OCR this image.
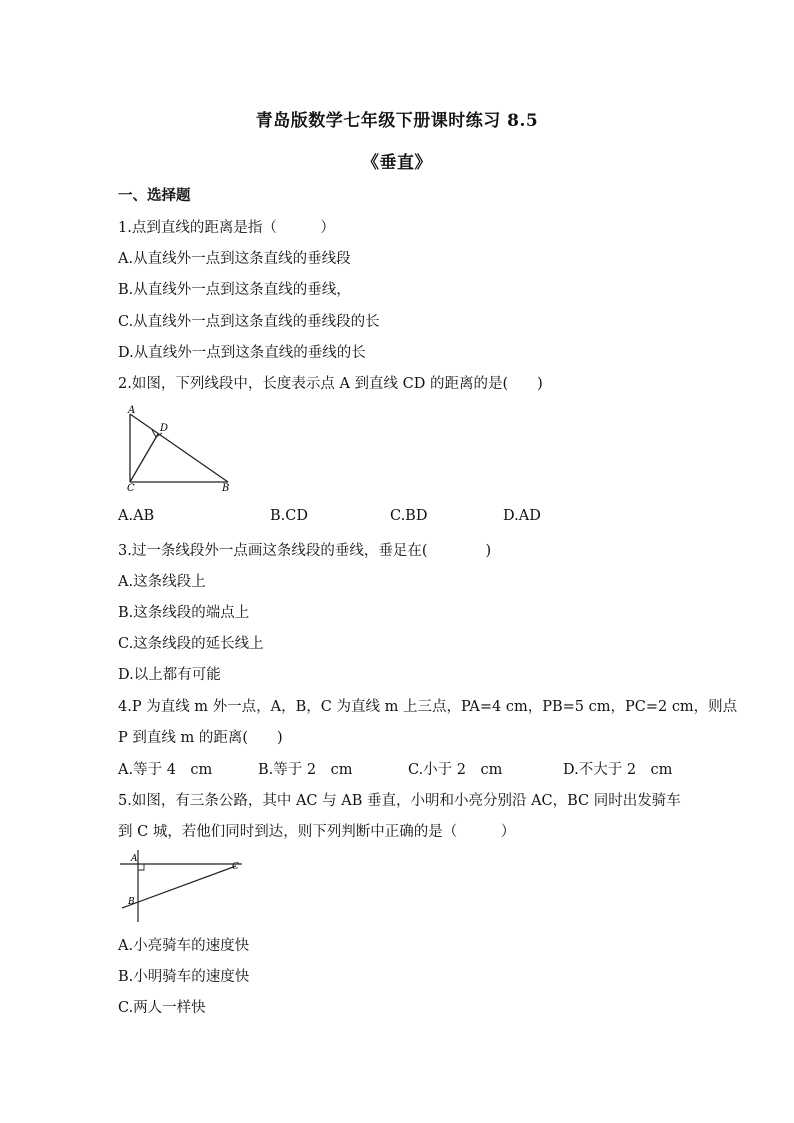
青岛版数学七年级下册课时练习 8.5
《垂直》
一、选择题
1.点到直线的距离是指（　　　）
A.从直线外一点到这条直线的垂线段
B.从直线外一点到这条直线的垂线，
C.从直线外一点到这条直线的垂线段的长
D.从直线外一点到这条直线的垂线的长
2.如图，下列线段中，长度表示点 A 到直线 CD 的距离的是(　　)
A
D
C	B
A.AB	B.CD	C.BD	D.AD
3.过一条线段外一点画这条线段的垂线，垂足在(　　　　)
A.这条线段上
B.这条线段的端点上
C.这条线段的延长线上
D.以上都有可能
4.P 为直线 m 外一点，A，B，C 为直线 m 上三点，PA=4 cm，PB=5 cm，PC=2 cm，则点
P 到直线 m 的距离(　　)
A.等于 4　cm	B.等于 2　cm	C.小于 2　cm	D.不大于 2　cm
5.如图，有三条公路，其中 AC 与 AB 垂直，小明和小亮分别沿 AC，BC 同时出发骑车
到 C 城，若他们同时到达，则下列判断中正确的是（　　　）
A
B
C
A.小亮骑车的速度快
B.小明骑车的速度快
C.两人一样快
